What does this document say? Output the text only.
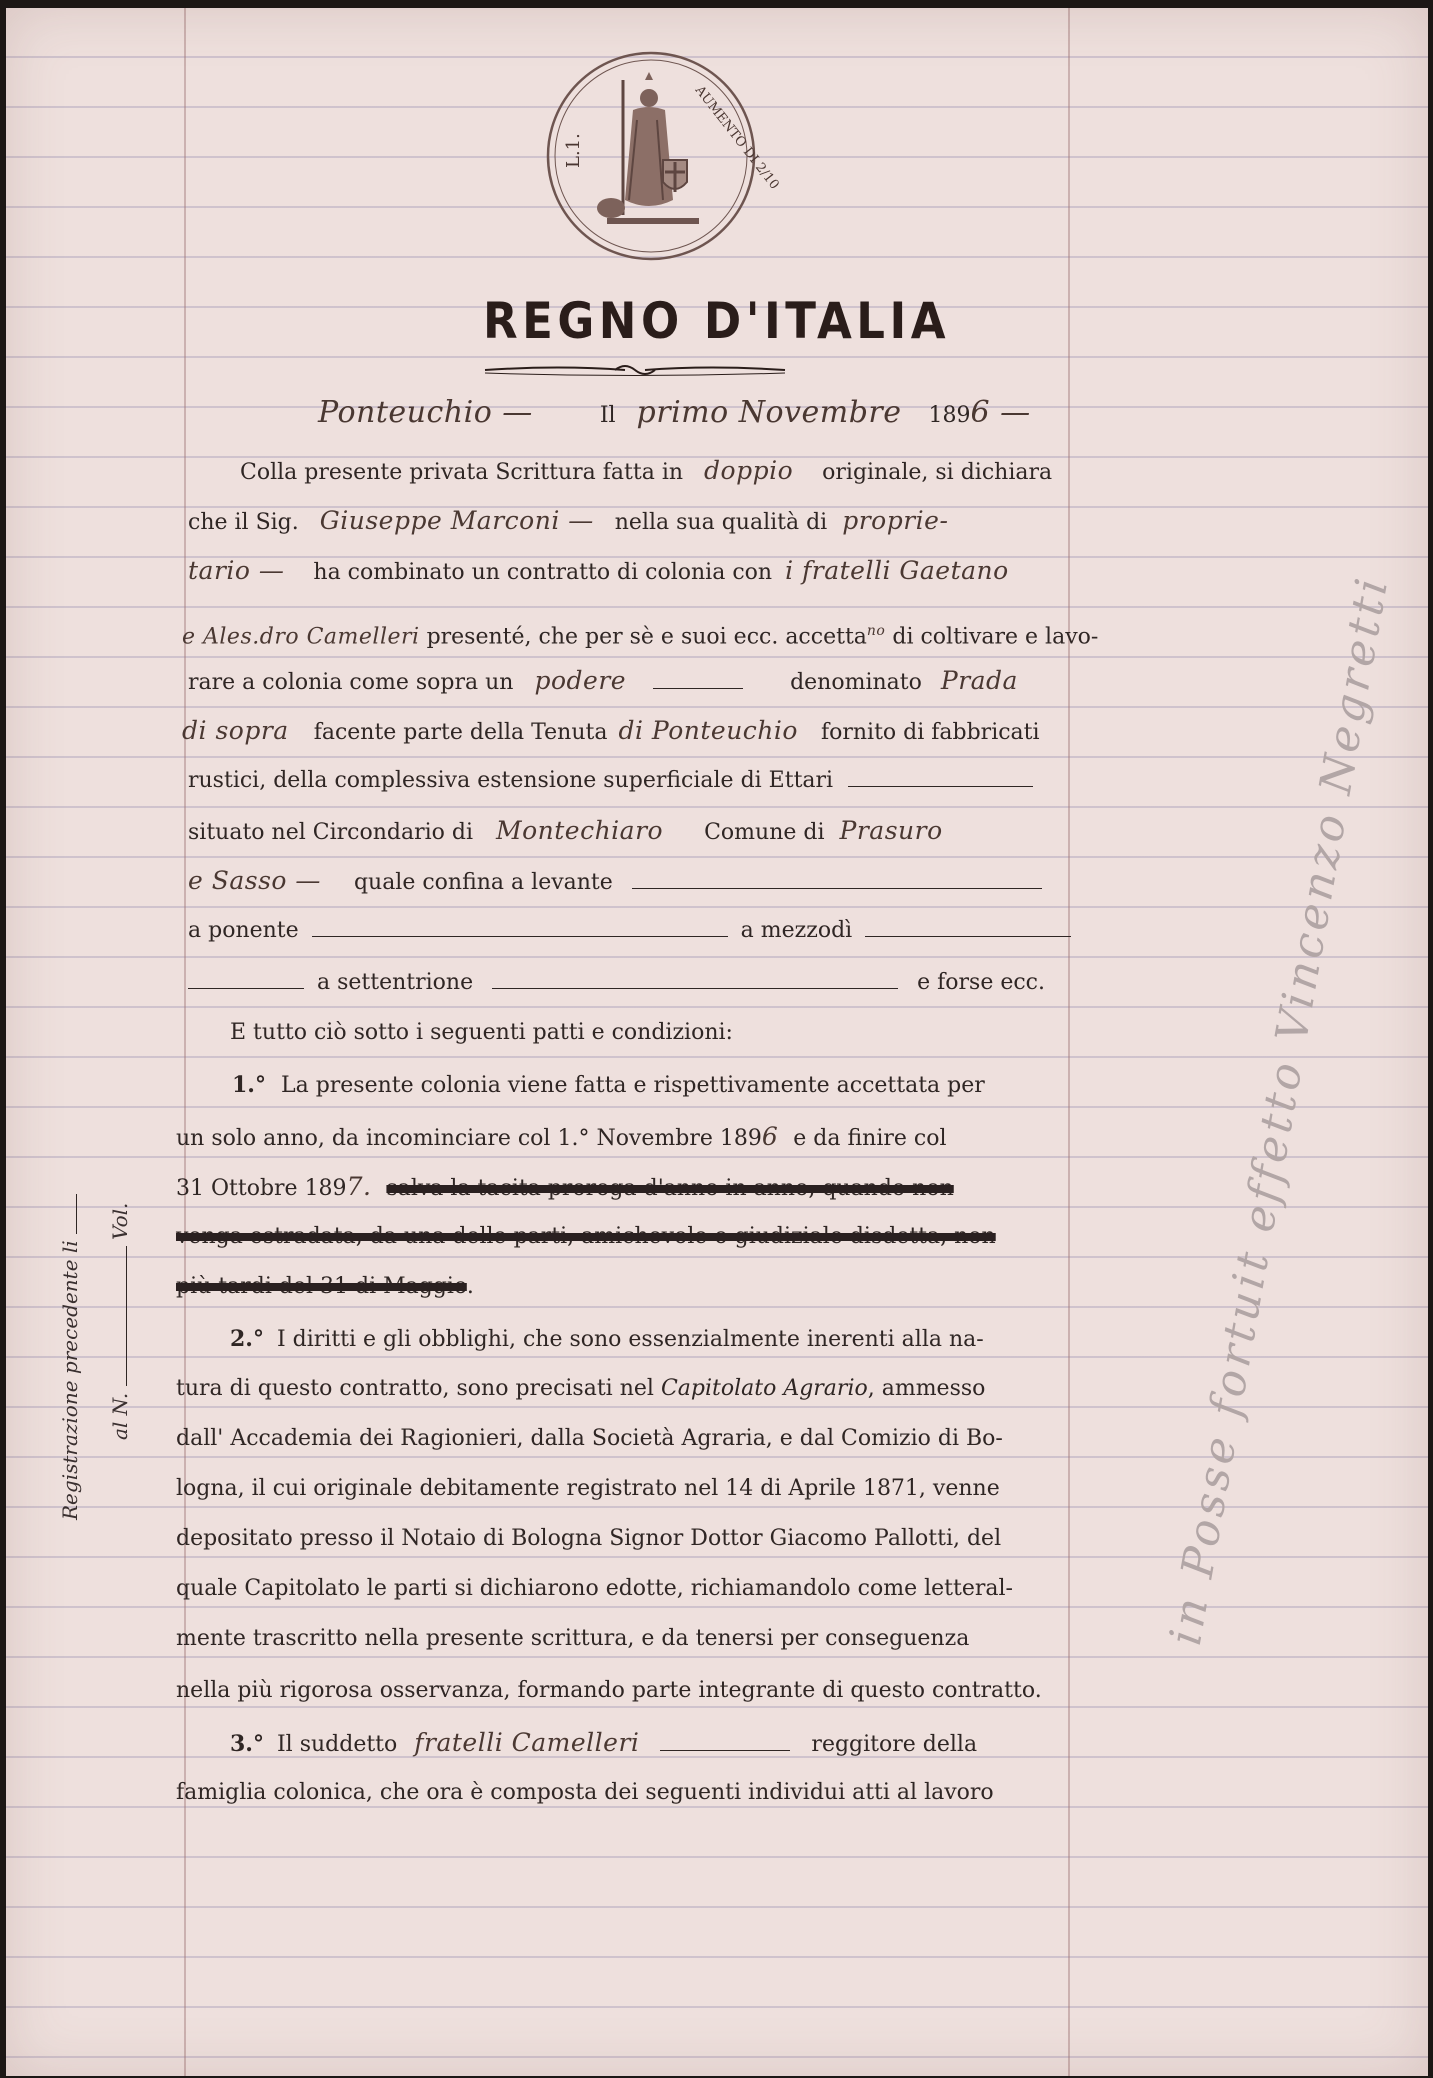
L.1.	AUMENTO DI 2/10
REGNO D'ITALIA
Ponteuchio —	Il primo Novembre 1896 —
Colla presente privata Scrittura fatta in doppio originale, si dichiara
che il Sig. Giuseppe Marconi — nella sua qualità di proprie-
tario — ha combinato un contratto di colonia con i fratelli Gaetano
e Ales.dro Camelleri presenté, che per sè e suoi ecc. accetta$^{no}$ di coltivare e lavo-
rare a colonia come sopra un podere	denominato Prada
di sopra facente parte della Tenuta di Ponteuchio fornito di fabbricati
rustici, della complessiva estensione superficiale di Ettari
situato nel Circondario di Montechiaro Comune di Prasuro
e Sasso — quale confina a levante
a ponente	a mezzodì
a settentrione	e forse ecc.
E tutto ciò sotto i seguenti patti e condizioni:
1.° La presente colonia viene fatta e rispettivamente accettata per
un solo anno, da incominciare col 1.° Novembre 1896 e da finire col
31 Ottobre 1897. salva la tacita proroga d'anno in anno, quando non
venga estradata, da una delle parti, amichevole o giudiziale disdetta, non
più tardi del 31 di Maggio.
2.° I diritti e gli obblighi, che sono essenzialmente inerenti alla na-
tura di questo contratto, sono precisati nel Capitolato Agrario, ammesso
dall' Accademia dei Ragionieri, dalla Società Agraria, e dal Comizio di Bo-
logna, il cui originale debitamente registrato nel 14 di Aprile 1871, venne
depositato presso il Notaio di Bologna Signor Dottor Giacomo Pallotti, del
quale Capitolato le parti si dichiarono edotte, richiamandolo come letteral-
mente trascritto nella presente scrittura, e da tenersi per conseguenza
nella più rigorosa osservanza, formando parte integrante di questo contratto.
3.° Il suddetto fratelli Camelleri	reggitore della
famiglia colonica, che ora è composta dei seguenti individui atti al lavoro
Registrazione precedente li al N.  Vol.	in Posse fortuit effetto Vincenzo Negretti
